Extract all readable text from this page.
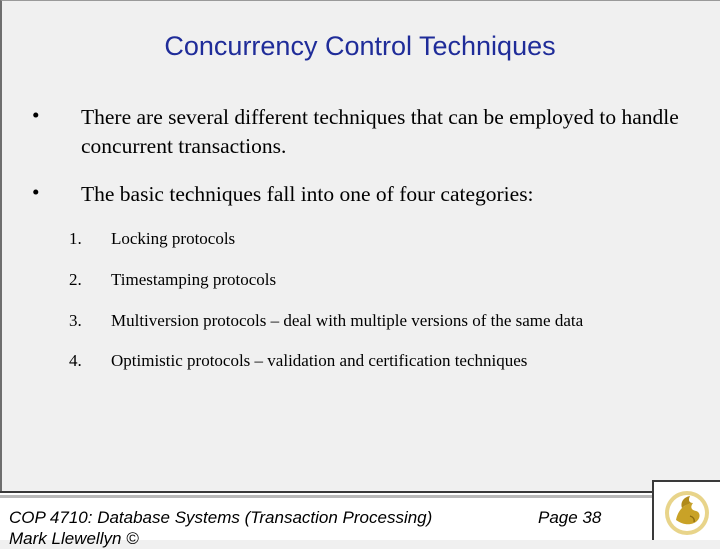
Concurrency Control Techniques
• There are several different techniques that can be employed to handle concurrent transactions.
• The basic techniques fall into one of four categories:
1. Locking protocols
2. Timestamping protocols
3. Multiversion protocols – deal with multiple versions of the same data
4. Optimistic protocols – validation and certification techniques
COP 4710: Database Systems (Transaction Processing)
Mark Llewellyn ©
Page 38
